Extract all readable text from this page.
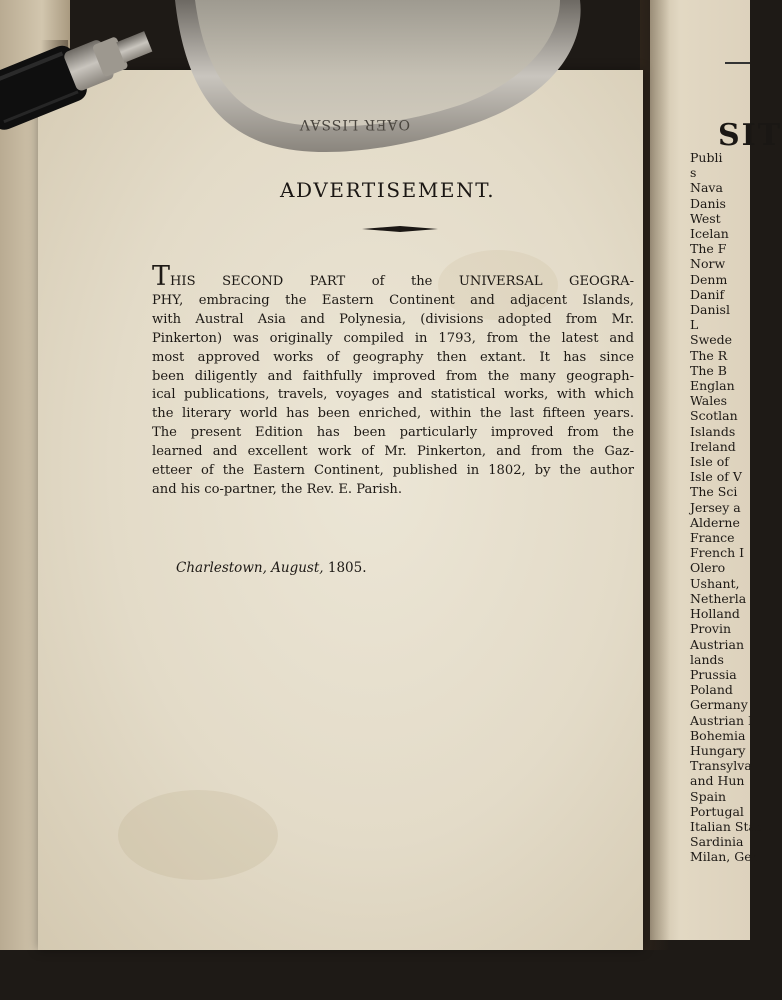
SIT
Publi
s
Nava
Danis
West
Icelan
The F
Norw
Denm
Danif
Danisl
L
Swede
The R
The B
Englan
Wales
Scotlan
Islands
Ireland
Isle of
Isle of V
The Sci
Jersey a
Alderne
France
French I
Olero
Ushant,
Netherla
Holland
Provin
Austrian
lands
Prussia
Poland
Germany
Austrian I
Bohemia
Hungary
Transylva
and Hun
Spain
Portugal
Italian Stat
Sardinia
Milan, Gen
ADVERTISEMENT.
THIS SECOND PART of the UNIVERSAL GEOGRA-
PHY, embracing the Eastern Continent and adjacent Islands,
with Austral Asia and Polynesia, (divisions adopted from Mr.
Pinkerton) was originally compiled in 1793, from the latest and
most approved works of geography then extant. It has since
been diligently and faithfully improved from the many geograph-
ical publications, travels, voyages and statistical works, with which
the literary world has been enriched, within the last fifteen years.
The present Edition has been particularly improved from the
learned and excellent work of Mr. Pinkerton, and from the Gaz-
etteer of the Eastern Continent, published in 1802, by the author
and his co-partner, the Rev. E. Parish.
Charlestown, August, 1805.
OAER LISSAV
